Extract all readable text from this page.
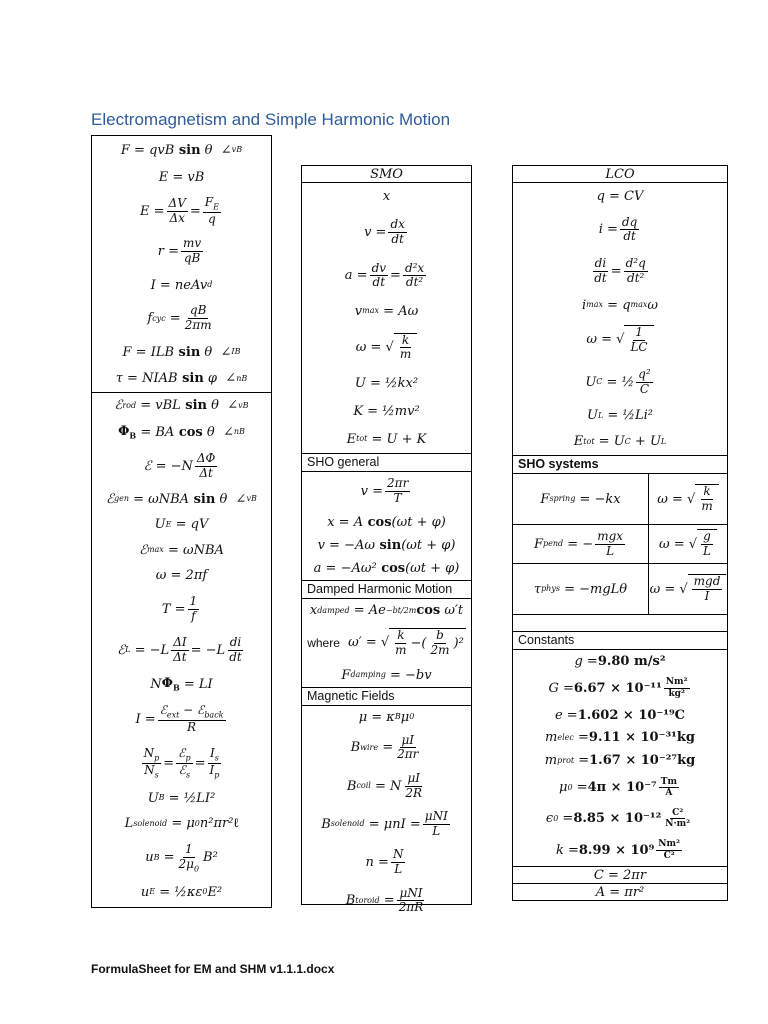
Electromagnetism and Simple Harmonic Motion
F = qvB sin θ  ∠ v B
E = vB
$E = \frac{\Delta V}{\Delta x} = \frac{F_E}{q}$
$r = \frac{mv}{qB}$
I = neAv d
f cyc = $\frac{qB}{2\pi m}$
F = ILB sin θ  ∠ I B
τ = NIAB sin φ  ∠ n B
ℰ rod = vBL sin θ  ∠ v B
$\Phi_B$ = BA cos θ  ∠ n B
ℰ = $-N \frac{\Delta\Phi}{\Delta t}$
ℰ gen = ωNBA sin θ  ∠ v B
U E = qV
ℰ max = ωNBA
ω = 2πf
$T = \frac{1}{f}$
ℰ $L = -L \frac{\Delta I}{\Delta t} = -L \frac{di}{dt}$
N $\Phi_B$ = LI
$I = \frac{ℰ_{ext} - ℰ_{back}}{R}$
$\frac{N_p}{N_s} = \frac{ℰ_p}{ℰ_s} = \frac{I_s}{I_p}$
U B = ½LI²
L solenoid = μ 0 n²πr² ℓ
u $B = \frac{1}{2\mu_0} B^2$
u E = ½κε 0 E²
SMO
x
$v = \frac{dx}{dt}$
$a = \frac{dv}{dt} = \frac{\text{d²x}}{\text{dt²}}$
v max = Aω
ω = √ $\frac{k}{m}$
U = ½kx²
K = ½mv²
E tot = U + K
SHO general
$v = \frac{2\pi r}{T}$
x = A cos (ωt + φ)
v = −Aω sin (ωt + φ)
a = −Aω² cos (ωt + φ)
Damped Harmonic Motion
x damped = Ae −bt/2m cos ω′t
where ω′ = √ $\frac{k}{m}$ −( $\frac{b}{2m} )^2$
F damping = −bv
Magnetic Fields
μ = κ B μ 0
B wire = $\frac{\mu I}{2\pi r}$
B coil = N $\frac{\mu I}{2R}$
B solenoid = $\mu nI = \frac{\text{μNI}}{L}$
$n = \frac{N}{L}$
B toroid = $\frac{\text{μNI}}{2\pi R}$
LCO
q = CV
$i = \frac{dq}{dt}$
$\frac{di}{dt} = \frac{\text{d²q}}{\text{dt²}}$
i max = q max ω
ω = √ $\frac{1}{LC}$
U C = ½ $\frac{\text{q²}}{C}$
U L = ½Li²
E tot = U C + U L
SHO systems
F spring = −kx	ω = √ $\frac{k}{m}$
F pend = − $\frac{\text{mgx}}{L}$	ω = √ $\frac{g}{L}$
τ phys = −mgLθ	ω = √ $\frac{\text{mgd}}{I}$
Constants
g = 9.80 m/s²
$G = 6.67 \times 10^{-11} \frac{\text{Nm²}}{\text{kg²}}$
e = 1.602 × 10⁻¹⁹C
m elec = 9.11 × 10⁻³¹kg
m prot = 1.67 × 10⁻²⁷kg
μ $0 = 4\pi \times 10^{-7} \frac{Tm}{A}$
ϵ $0 = 8.85 \times 10^{-12} \frac{\text{C²}}{\text{N·m²}}$
$k = 8.99 \times 10^9 \frac{\text{Nm²}}{\text{C²}}$
C = 2πr
A = πr²
FormulaSheet for EM and SHM v1.1.1.docx
